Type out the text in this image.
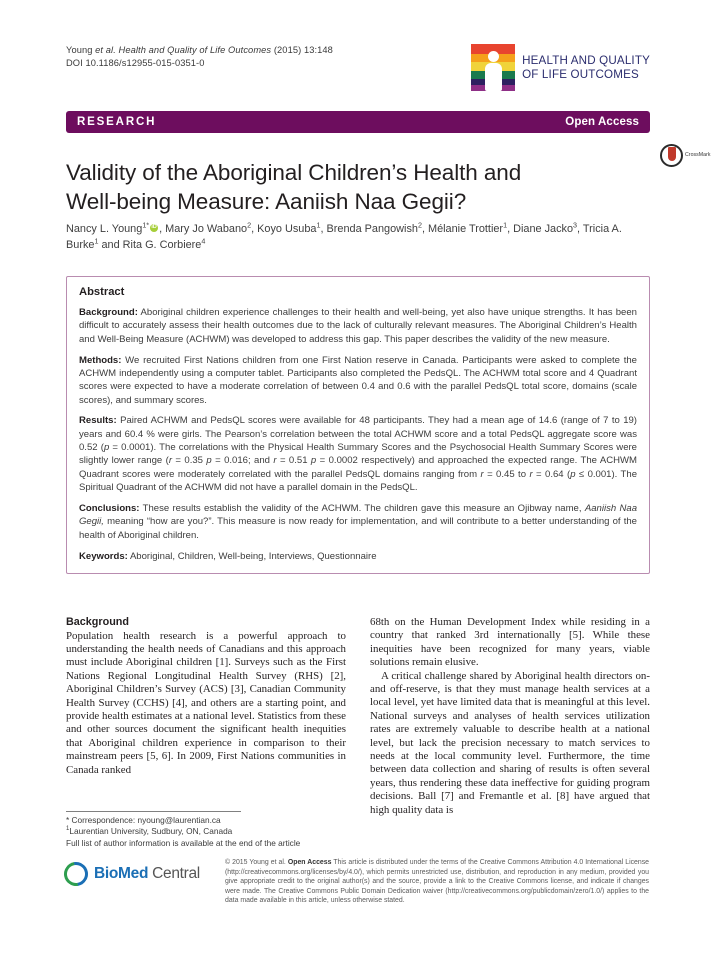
Young et al. Health and Quality of Life Outcomes (2015) 13:148
DOI 10.1186/s12955-015-0351-0	HEALTH AND QUALITY
OF LIFE OUTCOMES
RESEARCH	Open Access
Validity of the Aboriginal Children’s Health and Well-being Measure: Aaniish Naa Gegii?
CrossMark
Nancy L. Young$^{1*}$ iD , Mary Jo Wabano$^2$, Koyo Usuba$^1$, Brenda Pangowish$^2$, Mélanie Trottier$^1$, Diane Jacko$^3$, Tricia A. Burke$^1$ and Rita G. Corbiere$^4$
Abstract

Background: Aboriginal children experience challenges to their health and well-being, yet also have unique strengths. It has been difficult to accurately assess their health outcomes due to the lack of culturally relevant measures. The Aboriginal Children’s Health and Well-Being Measure (ACHWM) was developed to address this gap. This paper describes the validity of the new measure.

Methods: We recruited First Nations children from one First Nation reserve in Canada. Participants were asked to complete the ACHWM independently using a computer tablet. Participants also completed the PedsQL. The ACHWM total score and 4 Quadrant scores were expected to have a moderate correlation of between 0.4 and 0.6 with the parallel PedsQL total score, domains (scale scores), and summary scores.

Results: Paired ACHWM and PedsQL scores were available for 48 participants. They had a mean age of 14.6 (range of 7 to 19) years and 60.4 % were girls. The Pearson’s correlation between the total ACHWM score and a total PedsQL aggregate score was 0.52 (p = 0.0001). The correlations with the Physical Health Summary Scores and the Psychosocial Health Summary Scores were slightly lower range (r = 0.35 p = 0.016; and r = 0.51 p = 0.0002 respectively) and approached the expected range. The ACHWM Quadrant scores were moderately correlated with the parallel PedsQL domains ranging from r = 0.45 to r = 0.64 (p ≤ 0.001). The Spiritual Quadrant of the ACHWM did not have a parallel domain in the PedsQL.

Conclusions: These results establish the validity of the ACHWM. The children gave this measure an Ojibway name, Aaniish Naa Gegii, meaning “how are you?”. This measure is now ready for implementation, and will contribute to a better understanding of the health of Aboriginal children.

Keywords: Aboriginal, Children, Well-being, Interviews, Questionnaire

Background

Population health research is a powerful approach to understanding the health needs of Canadians and this approach must include Aboriginal children [1]. Surveys such as the First Nations Regional Longitudinal Health Survey (RHS) [2], Aboriginal Children’s Survey (ACS) [3], Canadian Community Health Survey (CCHS) [4], and others are a starting point, and provide health estimates at a national level. Statistics from these and other sources document the significant health inequities that Aboriginal children experience in comparison to their mainstream peers [5, 6]. In 2009, First Nations communities in Canada ranked

68th on the Human Development Index while residing in a country that ranked 3rd internationally [5]. While these inequities have been recognized for many years, viable solutions remain elusive.

A critical challenge shared by Aboriginal health directors on- and off-reserve, is that they must manage health services at a local level, yet have limited data that is meaningful at this level. National surveys and analyses of health services utilization rates are extremely valuable to describe health at a national level, but lack the precision necessary to match services to needs at the local community level. Furthermore, the time between data collection and sharing of results is often several years, thus rendering these data ineffective for guiding program decisions. Ball [7] and Fremantle et al. [8] have argued that high quality data is

* Correspondence: nyoung@laurentian.ca
$^1$Laurentian University, Sudbury, ON, Canada
Full list of author information is available at the end of the article
BioMed Central
© 2015 Young et al. Open Access This article is distributed under the terms of the Creative Commons Attribution 4.0 International License (http://creativecommons.org/licenses/by/4.0/), which permits unrestricted use, distribution, and reproduction in any medium, provided you give appropriate credit to the original author(s) and the source, provide a link to the Creative Commons license, and indicate if changes were made. The Creative Commons Public Domain Dedication waiver (http://creativecommons.org/publicdomain/zero/1.0/) applies to the data made available in this article, unless otherwise stated.
